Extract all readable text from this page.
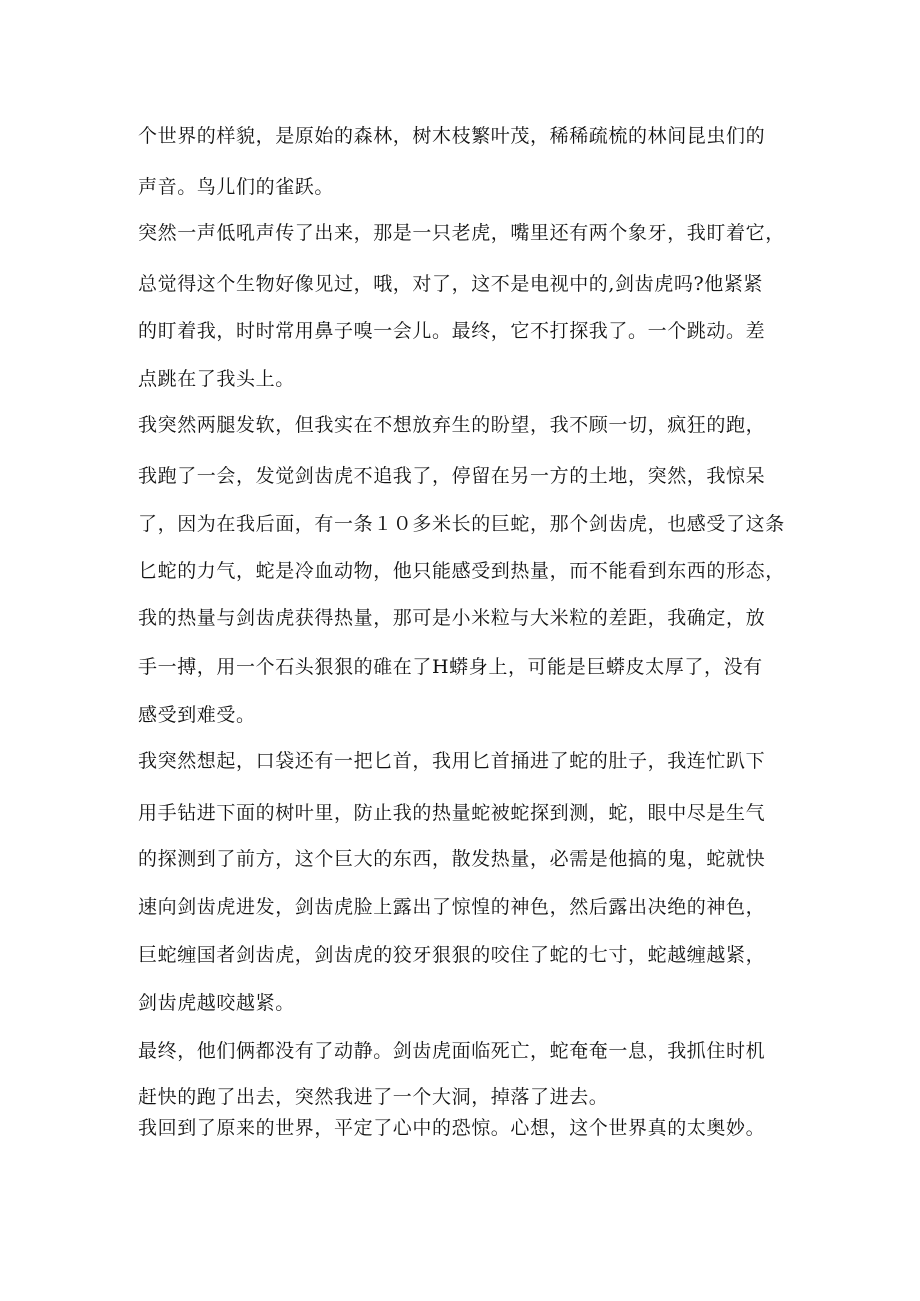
个世界的样貌，是原始的森林，树木枝繁叶茂，稀稀疏梳的林间昆虫们的
声音。鸟儿们的雀跃。
突然一声低吼声传了出来，那是一只老虎，嘴里还有两个象牙，我盯着它，
总觉得这个生物好像见过，哦，对了，这不是电视中的,剑齿虎吗?他紧紧
的盯着我，时时常用鼻子嗅一会儿。最终，它不打探我了。一个跳动。差
点跳在了我头上。
我突然两腿发软，但我实在不想放弃生的盼望，我不顾一切，疯狂的跑，
我跑了一会，发觉剑齿虎不追我了，停留在另一方的土地，突然，我惊呆
了，因为在我后面，有一条１０多米长的巨蛇，那个剑齿虎，也感受了这条
匕蛇的力气，蛇是冷血动物，他只能感受到热量，而不能看到东西的形态，
我的热量与剑齿虎获得热量，那可是小米粒与大米粒的差距，我确定，放
手一搏，用一个石头狠狠的碓在了H蟒身上，可能是巨蟒皮太厚了，没有
感受到难受。
我突然想起，口袋还有一把匕首，我用匕首捅进了蛇的肚子，我连忙趴下
用手钻进下面的树叶里，防止我的热量蛇被蛇探到测，蛇，眼中尽是生气
的探测到了前方，这个巨大的东西，散发热量，必需是他搞的鬼，蛇就快
速向剑齿虎进发，剑齿虎脸上露出了惊惶的神色，然后露出决绝的神色，
巨蛇缠国者剑齿虎，剑齿虎的狡牙狠狠的咬住了蛇的七寸，蛇越缠越紧，
剑齿虎越咬越紧。
最终，他们俩都没有了动静。剑齿虎面临死亡，蛇奄奄一息，我抓住时机
赶快的跑了出去，突然我进了一个大洞，掉落了进去。
我回到了原来的世界，平定了心中的恐惊。心想，这个世界真的太奥妙。
